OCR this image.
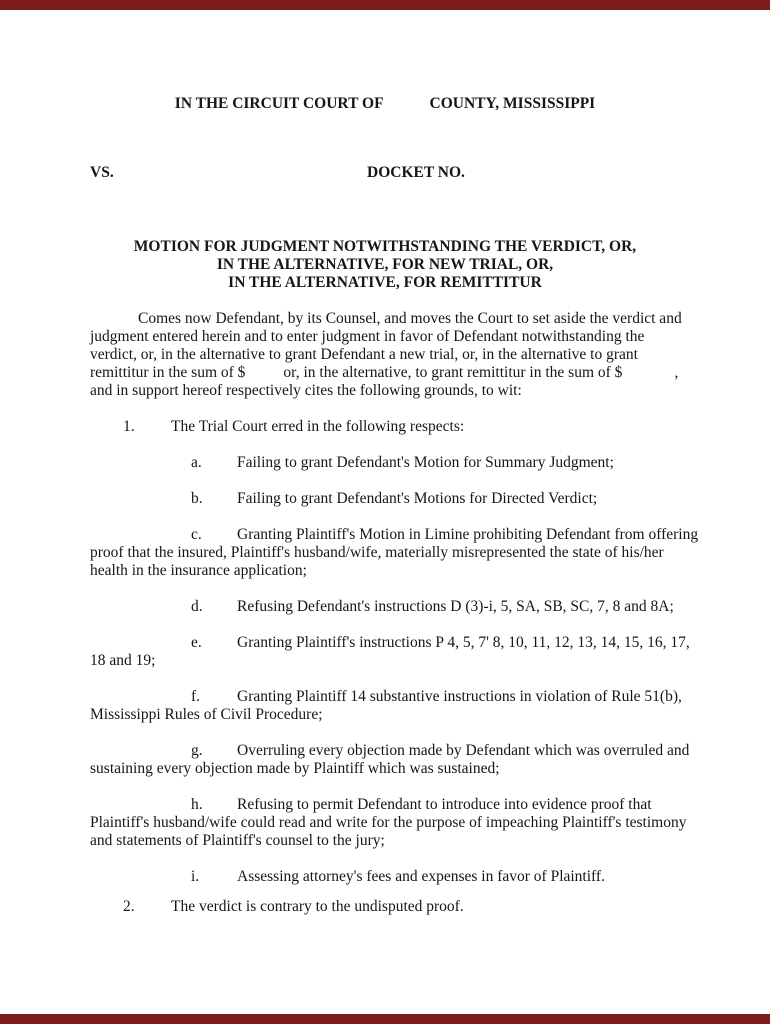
IN THE CIRCUIT COURT OF	COUNTY, MISSISSIPPI
VS.	DOCKET NO.
MOTION FOR JUDGMENT NOTWITHSTANDING THE VERDICT, OR,
IN THE ALTERNATIVE, FOR NEW TRIAL, OR,
IN THE ALTERNATIVE, FOR REMITTITUR
Comes now Defendant, by its Counsel, and moves the Court to set aside the verdict and
judgment entered herein and to enter judgment in favor of Defendant notwithstanding the
verdict, or, in the alternative to grant Defendant a new trial, or, in the alternative to grant
remittitur in the sum of $ or, in the alternative, to grant remittitur in the sum of $	,
and in support hereof respectively cites the following grounds, to wit:
1. The Trial Court erred in the following respects:
a. Failing to grant Defendant's Motion for Summary Judgment;
b. Failing to grant Defendant's Motions for Directed Verdict;
c. Granting Plaintiff's Motion in Limine prohibiting Defendant from offering
proof that the insured, Plaintiff's husband/wife, materially misrepresented the state of his/her
health in the insurance application;
d. Refusing Defendant's instructions D (3)-i, 5, SA, SB, SC, 7, 8 and 8A;
e. Granting Plaintiff's instructions P 4, 5, 7' 8, 10, 11, 12, 13, 14, 15, 16, 17,
18 and 19;
f. Granting Plaintiff 14 substantive instructions in violation of Rule 51(b),
Mississippi Rules of Civil Procedure;
g. Overruling every objection made by Defendant which was overruled and
sustaining every objection made by Plaintiff which was sustained;
h. Refusing to permit Defendant to introduce into evidence proof that
Plaintiff's husband/wife could read and write for the purpose of impeaching Plaintiff's testimony
and statements of Plaintiff's counsel to the jury;
i. Assessing attorney's fees and expenses in favor of Plaintiff.
2. The verdict is contrary to the undisputed proof.
